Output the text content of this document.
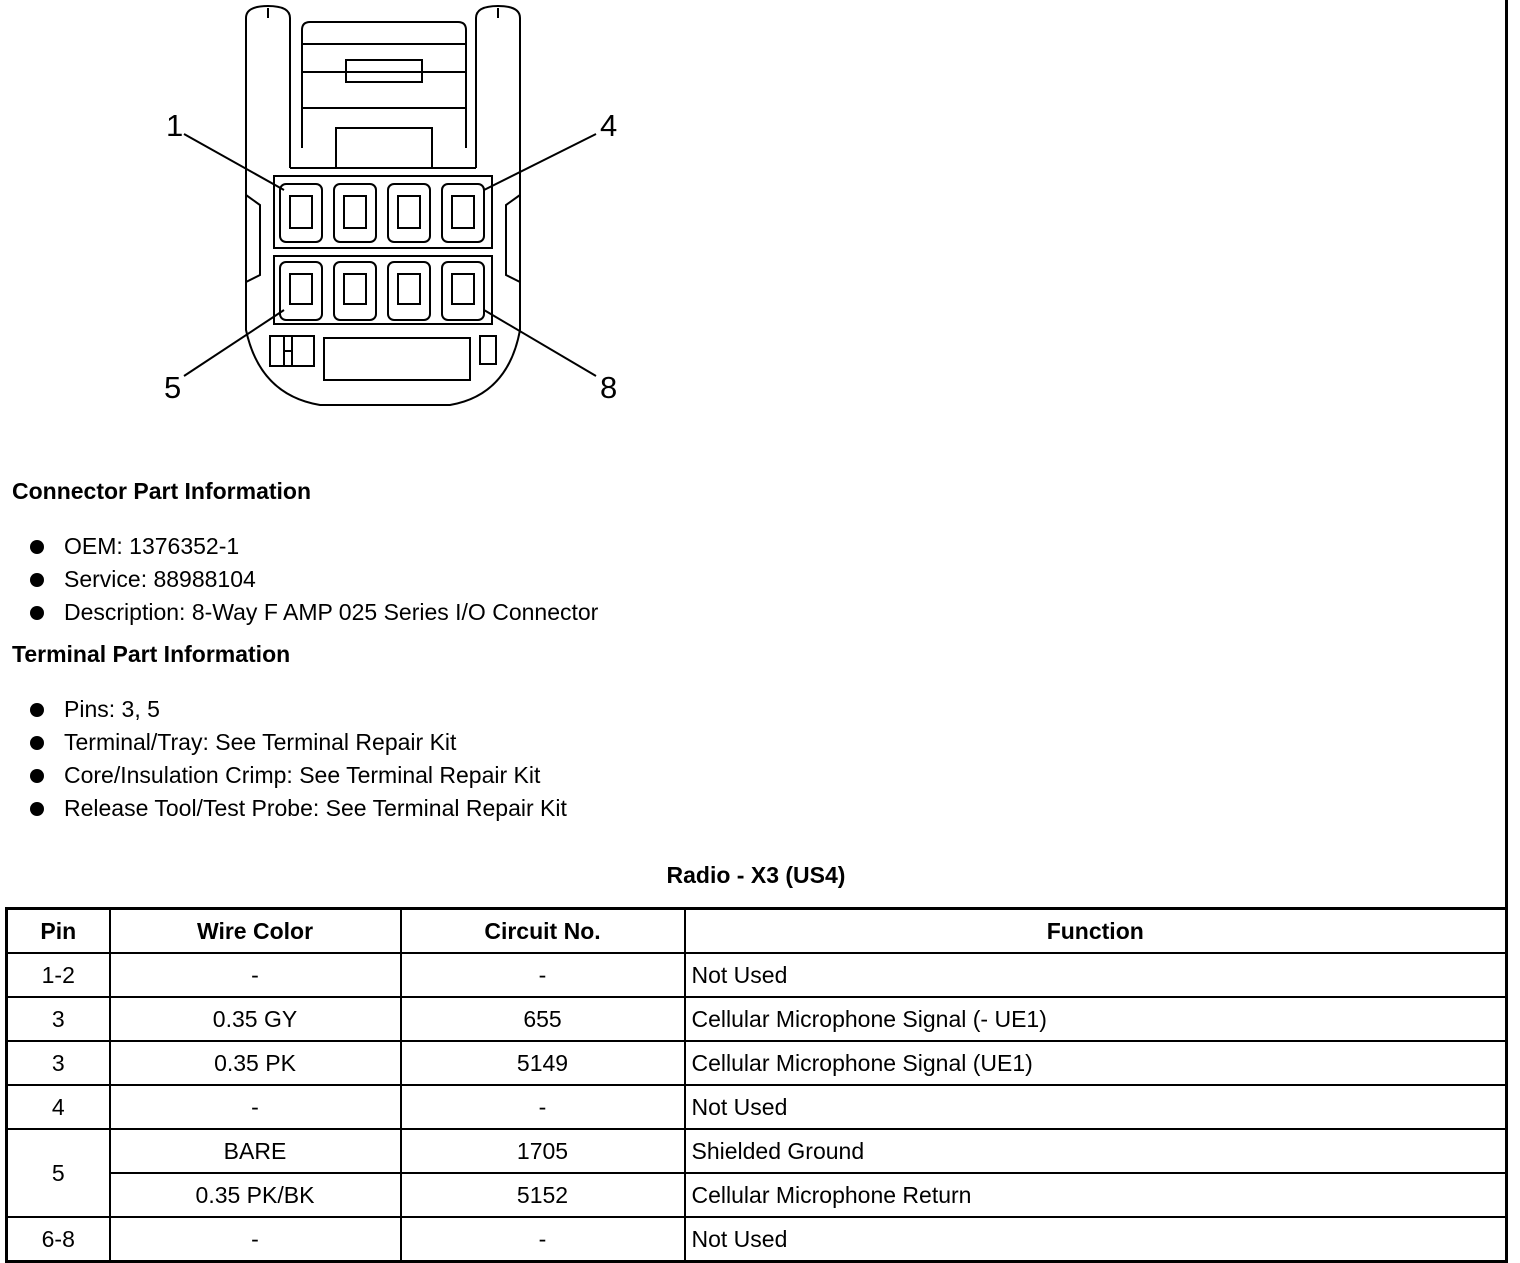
1	4
5	8
Connector Part Information
OEM: 1376352-1
Service: 88988104
Description: 8-Way F AMP 025 Series I/O Connector
Terminal Part Information
Pins: 3, 5
Terminal/Tray: See Terminal Repair Kit
Core/Insulation Crimp: See Terminal Repair Kit
Release Tool/Test Probe: See Terminal Repair Kit
Radio - X3 (US4)
Pin	Wire Color	Circuit No.	Function
1-2	-	-	Not Used
3	0.35 GY	655	Cellular Microphone Signal (- UE1)
3	0.35 PK	5149	Cellular Microphone Signal (UE1)
4	-	-	Not Used
5	BARE	1705	Shielded Ground
	0.35 PK/BK	5152	Cellular Microphone Return
6-8	-	-	Not Used
